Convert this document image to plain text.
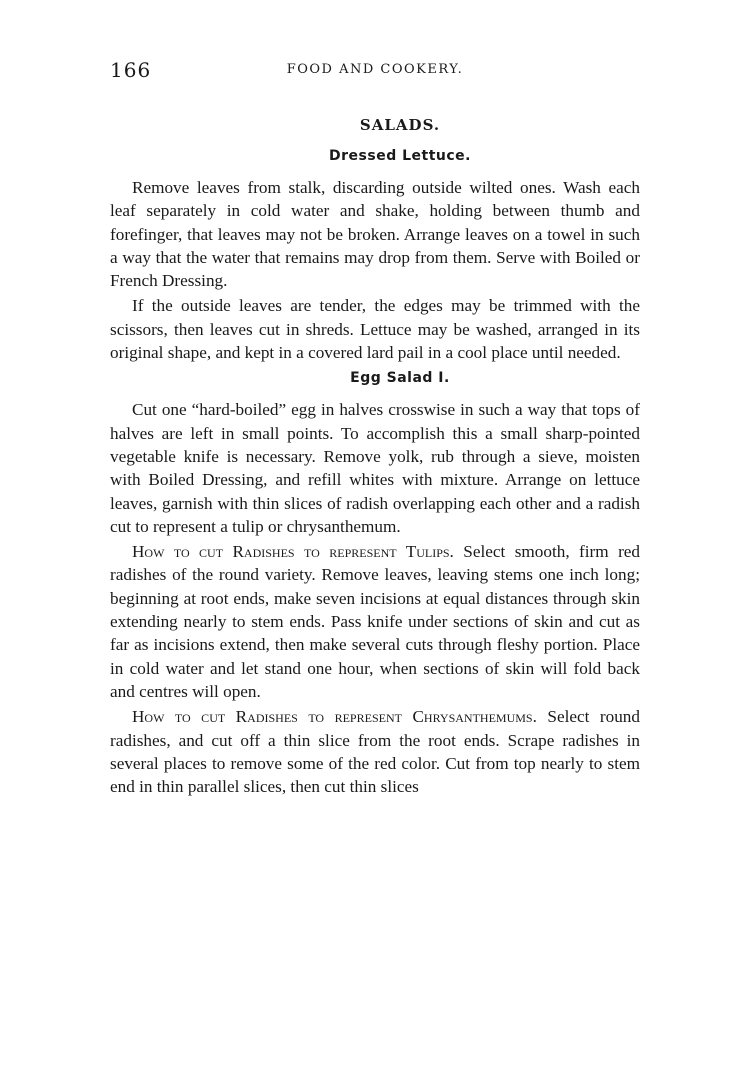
166	FOOD AND COOKERY.
SALADS.
Dressed Lettuce.

Remove leaves from stalk, discarding outside wilted ones. Wash each leaf separately in cold water and shake, holding between thumb and forefinger, that leaves may not be broken. Arrange leaves on a towel in such a way that the water that remains may drop from them. Serve with Boiled or French Dressing.

If the outside leaves are tender, the edges may be trimmed with the scissors, then leaves cut in shreds. Lettuce may be washed, arranged in its original shape, and kept in a covered lard pail in a cool place until needed.

Egg Salad I.

Cut one “hard-boiled” egg in halves crosswise in such a way that tops of halves are left in small points. To accomplish this a small sharp-pointed vegetable knife is necessary. Remove yolk, rub through a sieve, moisten with Boiled Dressing, and refill whites with mixture. Arrange on lettuce leaves, garnish with thin slices of radish overlapping each other and a radish cut to represent a tulip or chrysanthemum.

How to cut Radishes to represent Tulips. Select smooth, firm red radishes of the round variety. Remove leaves, leaving stems one inch long; beginning at root ends, make seven incisions at equal distances through skin extending nearly to stem ends. Pass knife under sections of skin and cut as far as incisions extend, then make several cuts through fleshy portion. Place in cold water and let stand one hour, when sections of skin will fold back and centres will open.

How to cut Radishes to represent Chrysanthemums. Select round radishes, and cut off a thin slice from the root ends. Scrape radishes in several places to remove some of the red color. Cut from top nearly to stem end in thin parallel slices, then cut thin slices
